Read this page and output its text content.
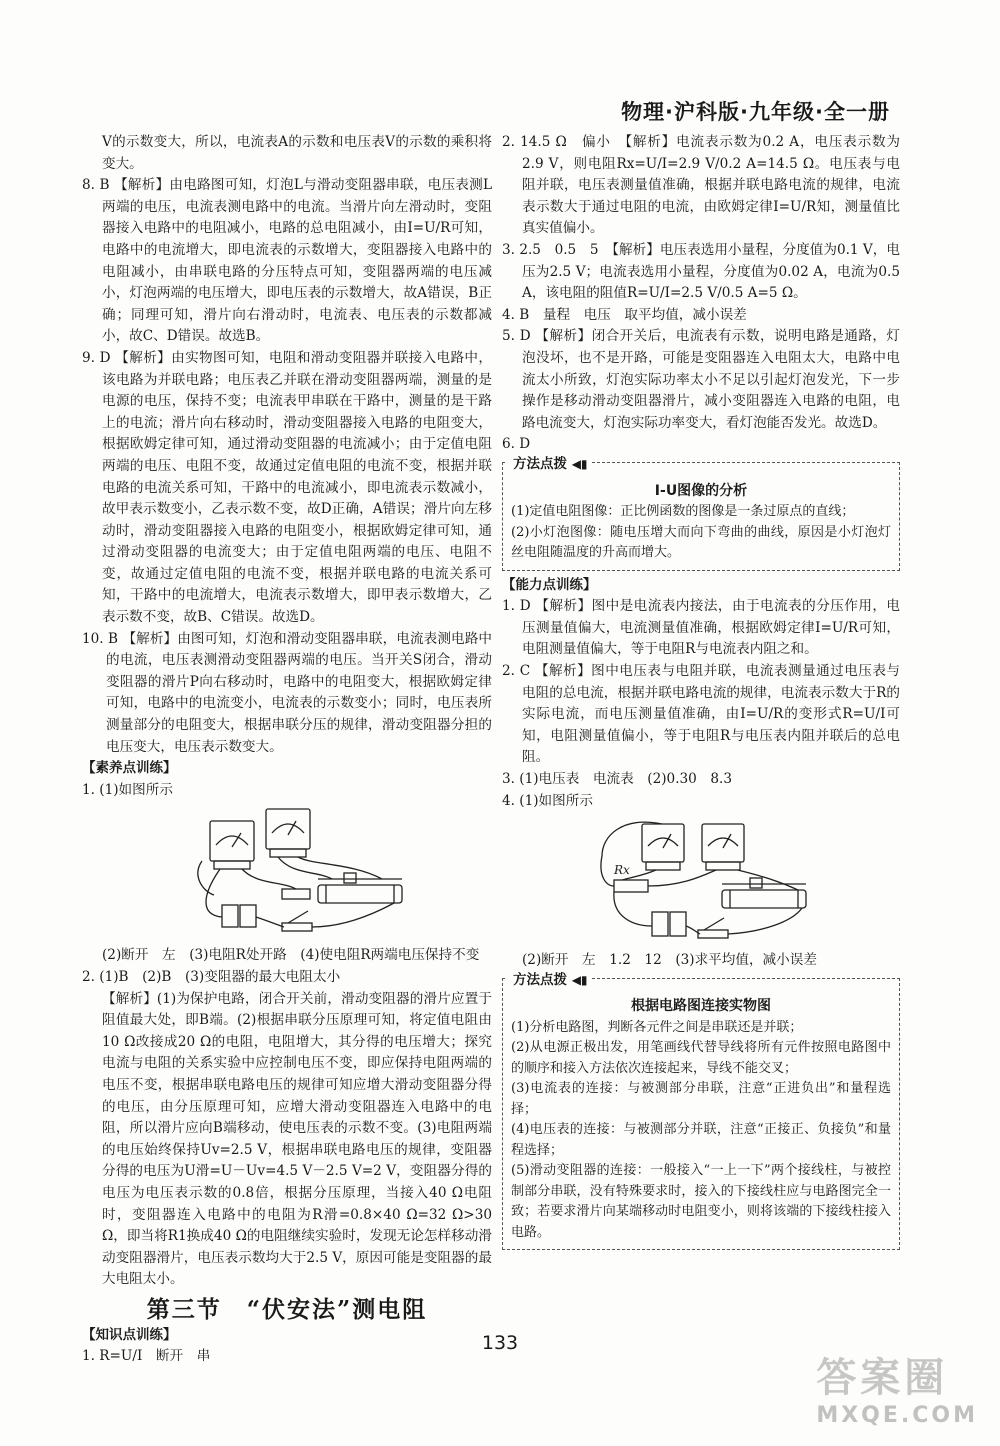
物理·沪科版·九年级·全一册

V的示数变大，所以，电流表A的示数和电压表V的示数的乘积将变大。

8. B 【解析】由电路图可知，灯泡L与滑动变阻器串联，电压表测L两端的电压，电流表测电路中的电流。当滑片向左滑动时，变阻器接入电路中的电阻减小，电路的总电阻减小，由I=U/R可知，电路中的电流增大，即电流表的示数增大，变阻器接入电路中的电阻减小，由串联电路的分压特点可知，变阻器两端的电压减小，灯泡两端的电压增大，即电压表的示数增大，故A错误，B正确；同理可知，滑片向右滑动时，电流表、电压表的示数都减小，故C、D错误。故选B。

9. D 【解析】由实物图可知，电阻和滑动变阻器并联接入电路中，该电路为并联电路；电压表乙并联在滑动变阻器两端，测量的是电源的电压，保持不变；电流表甲串联在干路中，测量的是干路上的电流；滑片向右移动时，滑动变阻器接入电路的电阻变大，根据欧姆定律可知，通过滑动变阻器的电流减小；由于定值电阻两端的电压、电阻不变，故通过定值电阻的电流不变，根据并联电路的电流关系可知，干路中的电流减小，即电流表示数减小，故甲表示数变小，乙表示数不变，故D正确，A错误；滑片向左移动时，滑动变阻器接入电路的电阻变小，根据欧姆定律可知，通过滑动变阻器的电流变大；由于定值电阻两端的电压、电阻不变，故通过定值电阻的电流不变，根据并联电路的电流关系可知，干路中的电流增大，电流表示数增大，即甲表示数增大，乙表示数不变，故B、C错误。故选D。

10. B 【解析】由图可知，灯泡和滑动变阻器串联，电流表测电路中的电流，电压表测滑动变阻器两端的电压。当开关S闭合，滑动变阻器的滑片P向右移动时，电路中的电阻变大，根据欧姆定律可知，电路中的电流变小，电流表的示数变小；同时，电压表所测量部分的电阻变大，根据串联分压的规律，滑动变阻器分担的电压变大，电压表示数变大。

【素养点训练】

1. (1)如图所示

(2)断开　左　(3)电阻R处开路　(4)使电阻R两端电压保持不变

2. (1)B　(2)B　(3)变阻器的最大电阻太小

【解析】(1)为保护电路，闭合开关前，滑动变阻器的滑片应置于阻值最大处，即B端。(2)根据串联分压原理可知，将定值电阻由10 Ω改接成20 Ω的电阻，电阻增大，其分得的电压增大；探究电流与电阻的关系实验中应控制电压不变，即应保持电阻两端的电压不变，根据串联电路电压的规律可知应增大滑动变阻器分得的电压，由分压原理可知，应增大滑动变阻器连入电路中的电阻，所以滑片应向B端移动，使电压表的示数不变。(3)电阻两端的电压始终保持Uv=2.5 V，根据串联电路电压的规律，变阻器分得的电压为U滑=U－Uv=4.5 V－2.5 V=2 V，变阻器分得的电压为电压表示数的0.8倍，根据分压原理，当接入40 Ω电阻时，变阻器连入电路中的电阻为R滑=0.8×40 Ω=32 Ω>30 Ω，即当将R1换成40 Ω的电阻继续实验时，发现无论怎样移动滑动变阻器滑片，电压表示数均大于2.5 V，原因可能是变阻器的最大电阻太小。

第三节　“伏安法”测电阻
【知识点训练】

1. R=U/I　断开　串

2. 14.5 Ω　偏小　【解析】电流表示数为0.2 A，电压表示数为2.9 V，则电阻Rx=U/I=2.9 V/0.2 A=14.5 Ω。电压表与电阻并联，电压表测量值准确，根据并联电路电流的规律，电流表示数大于通过电阻的电流，由欧姆定律I=U/R知，测量值比真实值偏小。

3. 2.5　0.5　5　【解析】电压表选用小量程，分度值为0.1 V，电压为2.5 V；电流表选用小量程，分度值为0.02 A，电流为0.5 A，该电阻的阻值R=U/I=2.5 V/0.5 A=5 Ω。

4. B　量程　电压　取平均值，减小误差

5. D 【解析】闭合开关后，电流表有示数，说明电路是通路，灯泡没坏，也不是开路，可能是变阻器连入电阻太大，电路中电流太小所致，灯泡实际功率太小不足以引起灯泡发光，下一步操作是移动滑动变阻器滑片，减小变阻器连入电路的电阻，电路电流变大，灯泡实际功率变大，看灯泡能否发光。故选D。

6. D

方法点拨 ◀▮
I-U图像的分析

(1)定值电阻图像：正比例函数的图像是一条过原点的直线；

(2)小灯泡图像：随电压增大而向下弯曲的曲线，原因是小灯泡灯丝电阻随温度的升高而增大。

【能力点训练】

1. D 【解析】图中是电流表内接法，由于电流表的分压作用，电压测量值偏大，电流测量值准确，根据欧姆定律I=U/R可知，电阻测量值偏大，等于电阻R与电流表内阻之和。

2. C 【解析】图中电压表与电阻并联，电流表测量通过电压表与电阻的总电流，根据并联电路电流的规律，电流表示数大于R的实际电流，而电压测量值准确，由I=U/R的变形式R=U/I可知，电阻测量值偏小，等于电阻R与电压表内阻并联后的总电阻。

3. (1)电压表　电流表　(2)0.30　8.3

4. (1)如图所示

Rx

(2)断开　左　1.2　12　(3)求平均值，减小误差

方法点拨 ◀▮
根据电路图连接实物图

(1)分析电路图，判断各元件之间是串联还是并联；

(2)从电源正极出发，用笔画线代替导线将所有元件按照电路图中的顺序和接入方法依次连接起来，导线不能交叉；

(3)电流表的连接：与被测部分串联，注意“正进负出”和量程选择；

(4)电压表的连接：与被测部分并联，注意“正接正、负接负”和量程选择；

(5)滑动变阻器的连接：一般接入“一上一下”两个接线柱，与被控制部分串联，没有特殊要求时，接入的下接线柱应与电路图完全一致；若要求滑片向某端移动时电阻变小，则将该端的下接线柱接入电路。

133
答案圈
MXQE.COM
